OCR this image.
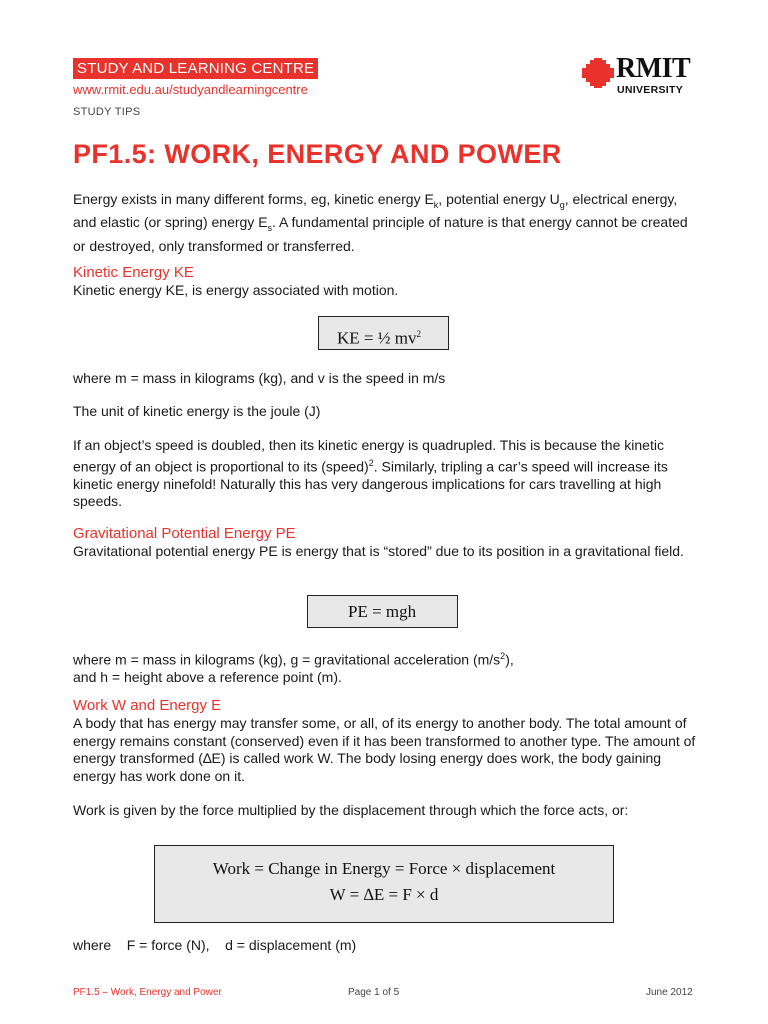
STUDY AND LEARNING CENTRE
www.rmit.edu.au/studyandlearningcentre
STUDY TIPS
RMIT
UNIVERSITY
PF1.5: WORK, ENERGY AND POWER
Energy exists in many different forms, eg, kinetic energy $E_k$, potential energy $U_g$, electrical energy, and elastic (or spring) energy $E_s$. A fundamental principle of nature is that energy cannot be created or destroyed, only transformed or transferred.
Kinetic Energy KE
Kinetic energy KE, is energy associated with motion.
KE = ½ $mv^2$
where m = mass in kilograms (kg), and v is the speed in m/s
The unit of kinetic energy is the joule (J)
If an object’s speed is doubled, then its kinetic energy is quadrupled. This is because the kinetic energy of an object is proportional to its (speed)$^2$. Similarly, tripling a car’s speed will increase its kinetic energy ninefold! Naturally this has very dangerous implications for cars travelling at high speeds.
Gravitational Potential Energy PE
Gravitational potential energy PE is energy that is “stored” due to its position in a gravitational field.
PE = mgh
where m = mass in kilograms (kg), g = gravitational acceleration $(m/s^2)$,
and h = height above a reference point (m).
Work W and Energy E
A body that has energy may transfer some, or all, of its energy to another body. The total amount of energy remains constant (conserved) even if it has been transformed to another type. The amount of energy transformed (∆E) is called work W. The body losing energy does work, the body gaining energy has work done on it.
Work is given by the force multiplied by the displacement through which the force acts, or:
Work = Change in Energy = Force × displacement
W = ∆E = F × d
where    F = force (N),    d = displacement (m)
PF1.5 – Work, Energy and Power	Page 1 of 5	June 2012
